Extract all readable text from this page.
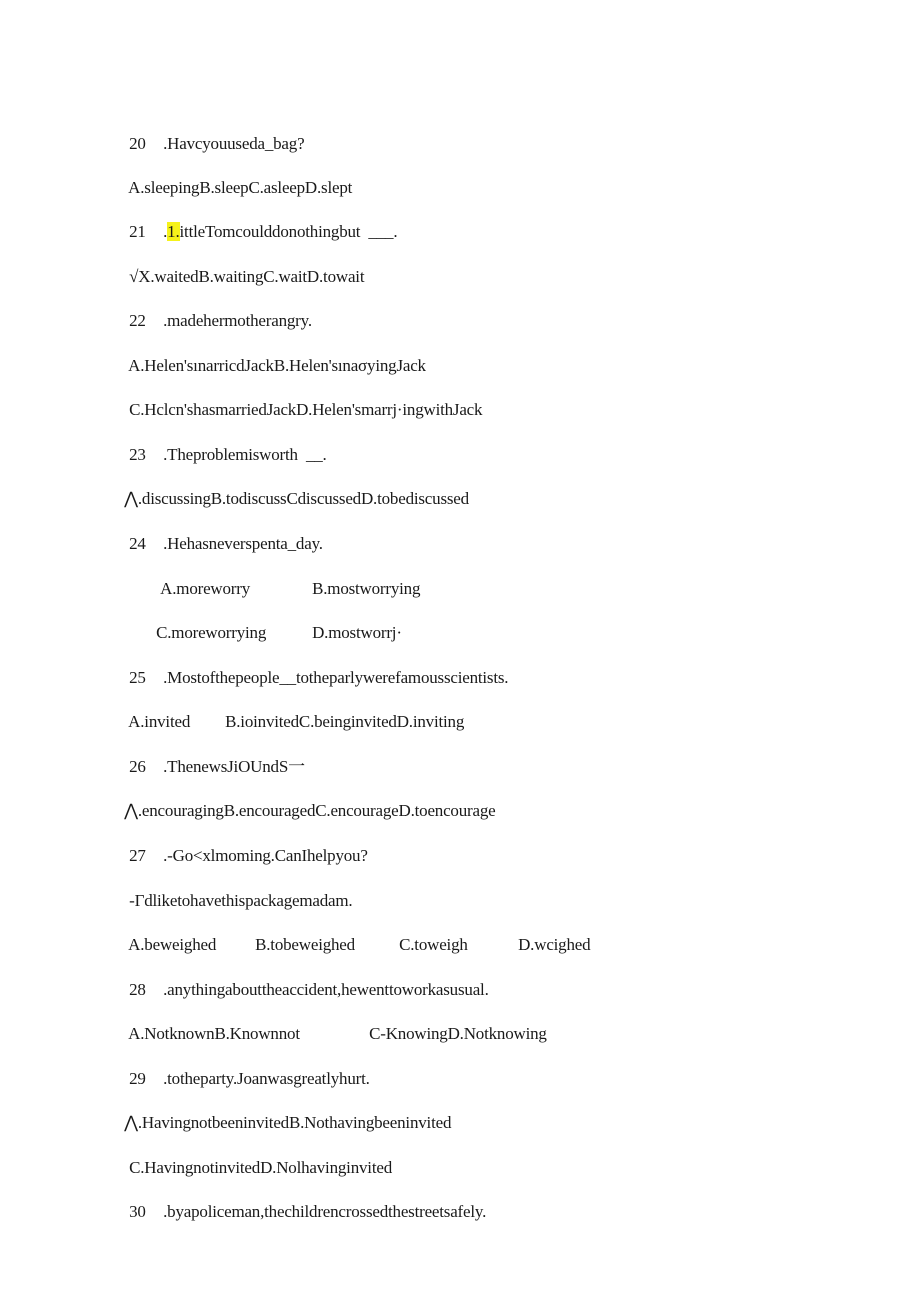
20 .Havcyouuseda_bag?

A.sleepingB.sleepC.asleepD.slept

21 .1.ittleTomcoulddonothingbut  ___.

√X.waitedB.waitingC.waitD.towait

22 .madehermotherangry.

A.Helen'sınarricdJackB.Helen'sınaσyingJack

C.Hclcn'shasmarriedJackD.Helen'smarrj·ingwithJack

23 .Theproblemisworth  __.

⋀.discussingB.todiscussCdiscussedD.tobediscussed

24 .Hehasneverspenta_day.

A.moreworry	B.mostworrying

C.moreworrying	D.mostworrj·

25 .Mostofthepeople__totheparlywerefamousscientists.

A.invited	B.ioinvitedC.beinginvitedD.inviting

26 .ThenewsJiOUndS一

⋀.encouragingB.encouragedC.encourageD.toencourage

27 .-Go<xlmoming.CanIhelpyou?

-Γdliketohavethispackagemadam.

A.beweighed	B.tobeweighed	C.toweigh	D.wcighed

28 .anythingabouttheaccident,hewenttoworkasusual.

A.NotknownB.Knownnot	C-KnowingD.Notknowing

29 .totheparty.Joanwasgreatlyhurt.

⋀.HavingnotbeeninvitedB.Nothavingbeeninvited

C.HavingnotinvitedD.Nolhavinginvited

30 .byapoliceman,thechildrencrossedthestreetsafely.
